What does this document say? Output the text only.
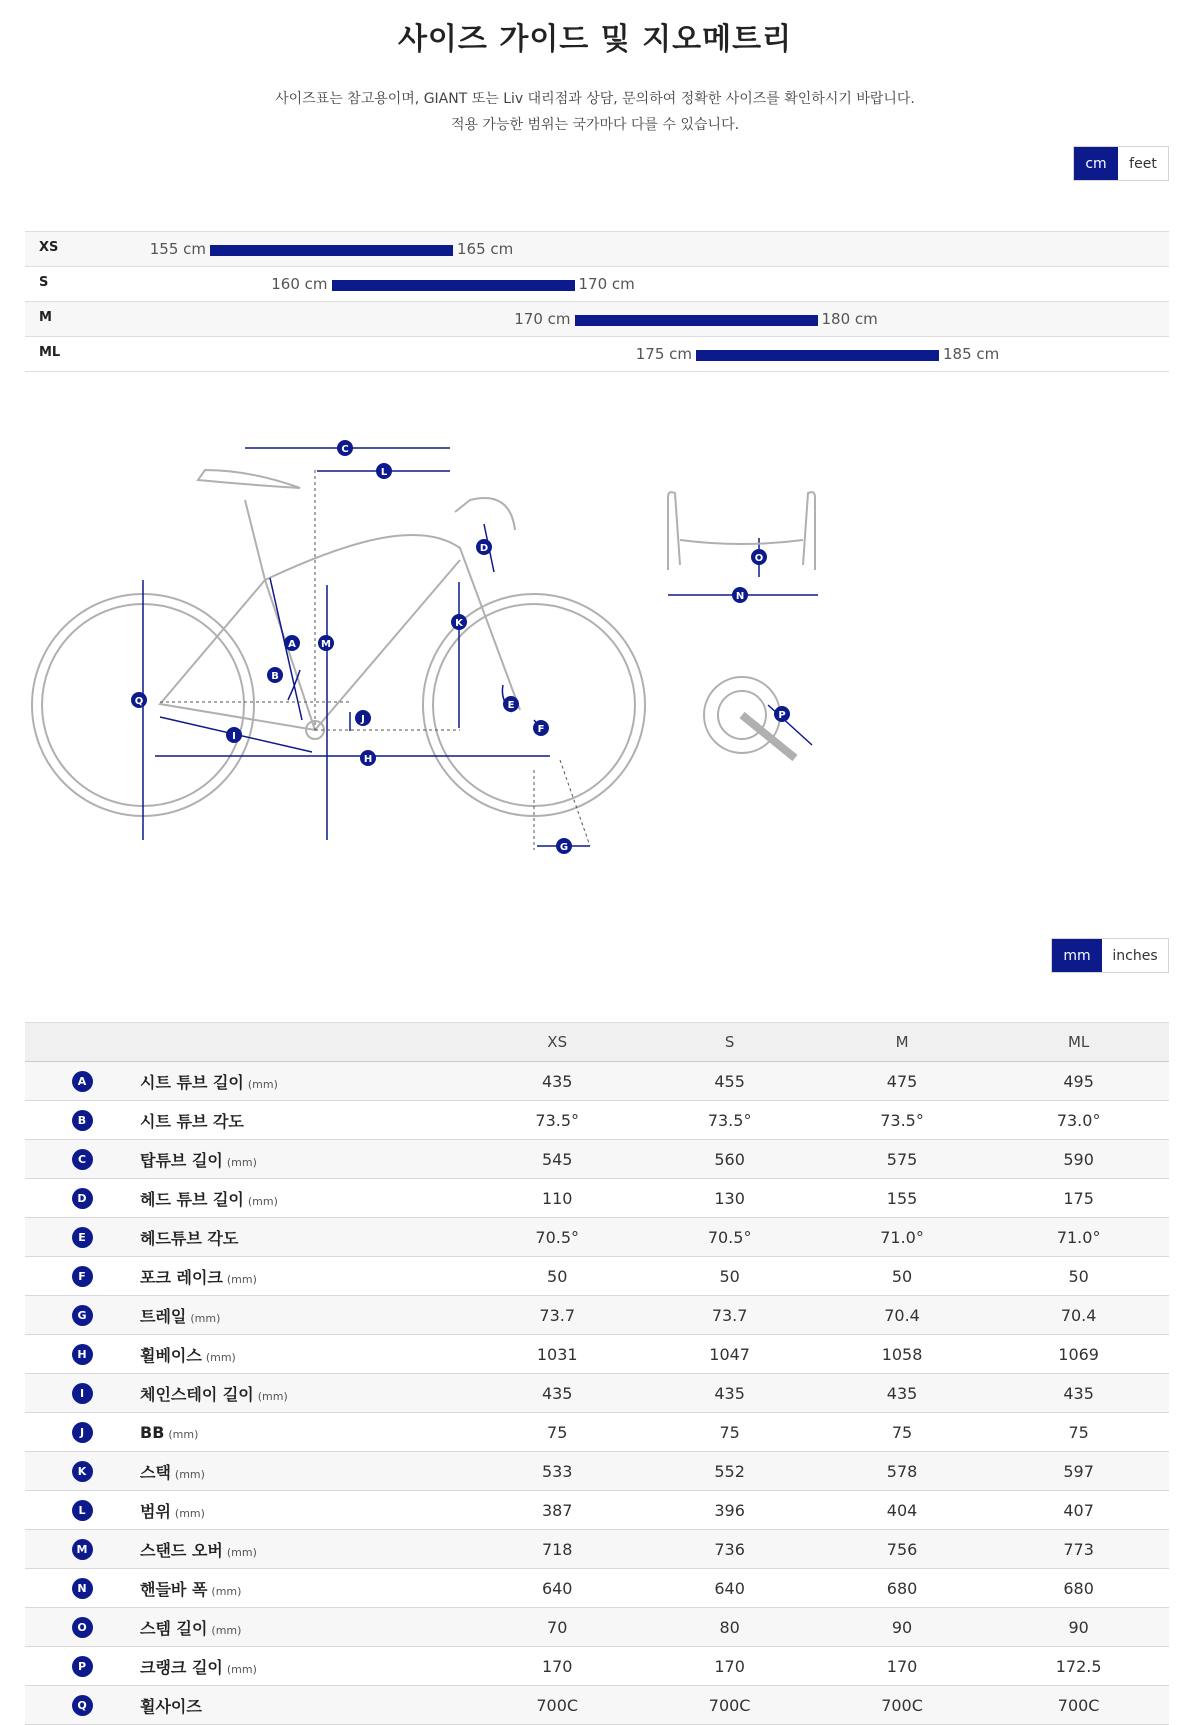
사이즈 가이드 및 지오메트리
사이즈표는 참고용이며, GIANT 또는 Liv 대리점과 상담, 문의하여 정확한 사이즈를 확인하시기 바랍니다.
적용 가능한 범위는 국가마다 다를 수 있습니다.
cm	feet
XS	155 cm	165 cm
S	160 cm	170 cm
M	170 cm	180 cm
ML	175 cm	185 cm
A
B
C
D
E
F
G
H
I
J
K
L
M
N
O
P
Q
mm	inches
		XS	S	M	ML
A	시트 튜브 길이 (mm)	435	455	475	495
B	시트 튜브 각도	73.5°	73.5°	73.5°	73.0°
C	탑튜브 길이 (mm)	545	560	575	590
D	헤드 튜브 길이 (mm)	110	130	155	175
E	헤드튜브 각도	70.5°	70.5°	71.0°	71.0°
F	포크 레이크 (mm)	50	50	50	50
G	트레일 (mm)	73.7	73.7	70.4	70.4
H	휠베이스 (mm)	1031	1047	1058	1069
I	체인스테이 길이 (mm)	435	435	435	435
J	BB (mm)	75	75	75	75
K	스택 (mm)	533	552	578	597
L	범위 (mm)	387	396	404	407
M	스탠드 오버 (mm)	718	736	756	773
N	핸들바 폭 (mm)	640	640	680	680
O	스템 길이 (mm)	70	80	90	90
P	크랭크 길이 (mm)	170	170	170	172.5
Q	휠사이즈	700C	700C	700C	700C
